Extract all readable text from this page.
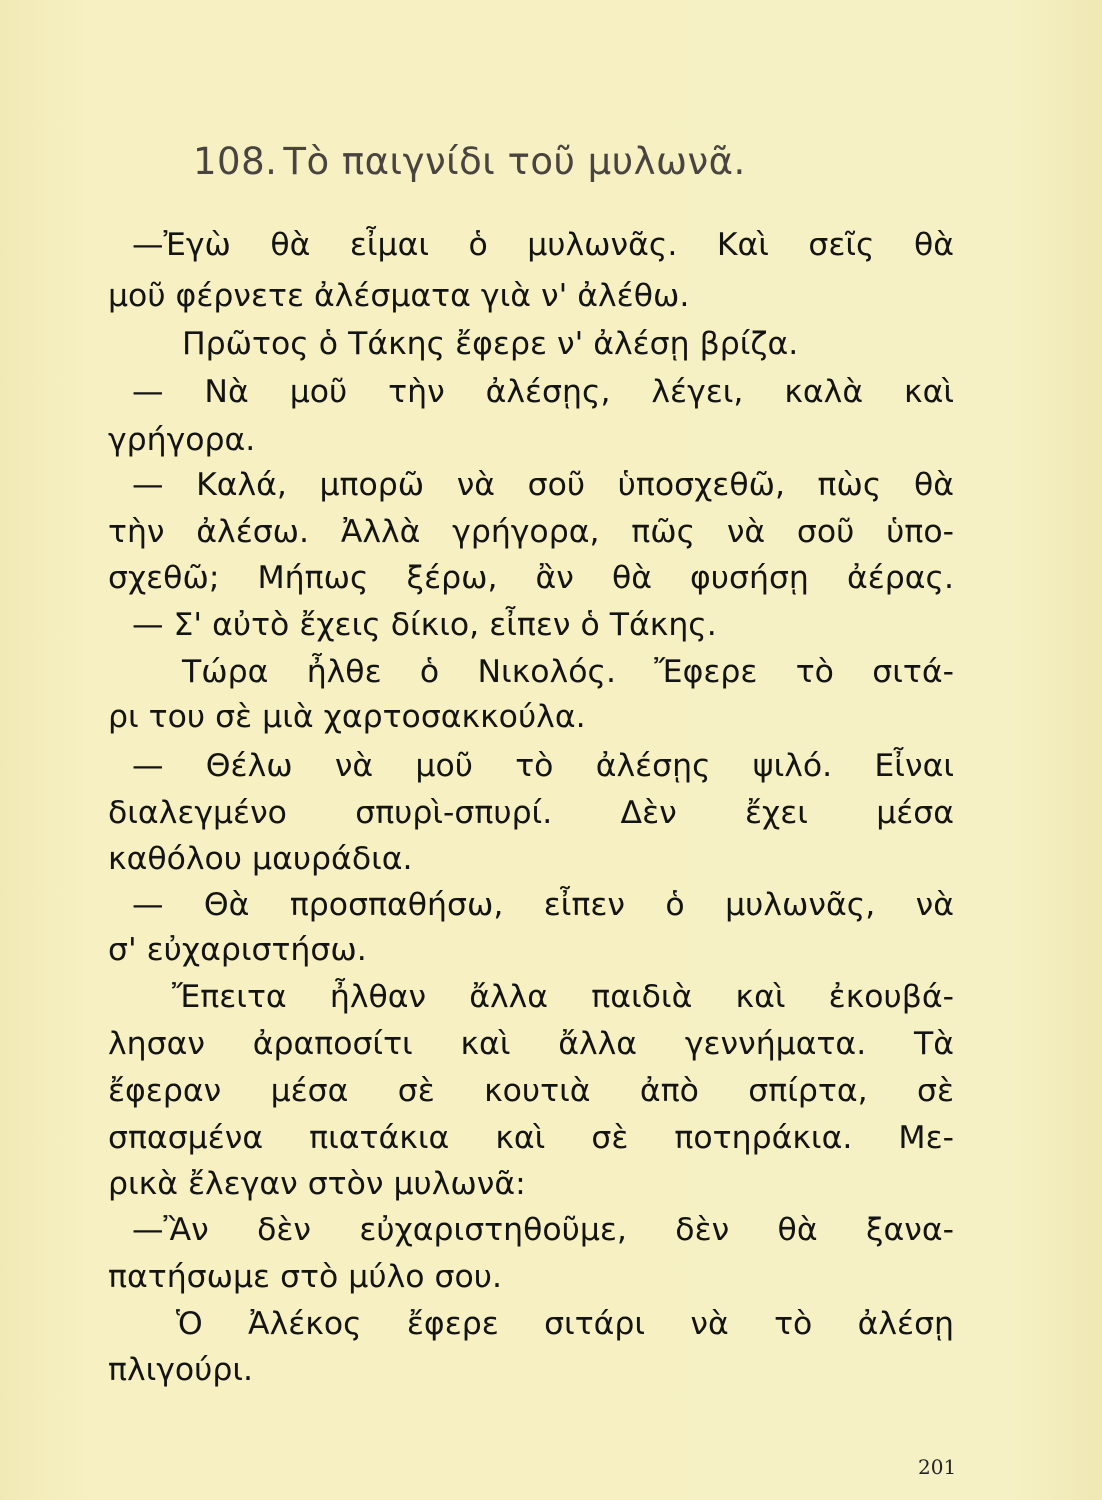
108. Τὸ παιγνίδι τοῦ μυλωνᾶ.
—Ἐγὼ θὰ εἶμαι ὁ μυλωνᾶς. Καὶ σεῖς θὰ
μοῦ φέρνετε ἀλέσματα γιὰ ν' ἀλέθω.
Πρῶτος ὁ Τάκης ἔφερε ν' ἀλέσῃ βρίζα.
— Νὰ μοῦ τὴν ἀλέσῃς, λέγει, καλὰ καὶ
γρήγορα.
— Καλά, μπορῶ νὰ σοῦ ὑποσχεθῶ, πὼς θὰ
τὴν ἀλέσω. Ἀλλὰ γρήγορα, πῶς νὰ σοῦ ὑπο-
σχεθῶ; Μήπως ξέρω, ἂν θὰ φυσήσῃ ἀέρας.
— Σ' αὐτὸ ἔχεις δίκιο, εἶπεν ὁ Τάκης.
Τώρα ἦλθε ὁ Νικολός. Ἔφερε τὸ σιτά-
ρι του σὲ μιὰ χαρτοσακκούλα.
— Θέλω νὰ μοῦ τὸ ἀλέσῃς ψιλό. Εἶναι
διαλεγμένο σπυρὶ-σπυρί. Δὲν ἔχει μέσα
καθόλου μαυράδια.
— Θὰ προσπαθήσω, εἶπεν ὁ μυλωνᾶς, νὰ
σ' εὐχαριστήσω.
Ἔπειτα ἦλθαν ἄλλα παιδιὰ καὶ ἐκουβά-
λησαν ἀραποσίτι καὶ ἄλλα γεννήματα. Τὰ
ἔφεραν μέσα σὲ κουτιὰ ἀπὸ σπίρτα, σὲ
σπασμένα πιατάκια καὶ σὲ ποτηράκια. Με-
ρικὰ ἔλεγαν στὸν μυλωνᾶ:
—Ἂν δὲν εὐχαριστηθοῦμε, δὲν θὰ ξανα-
πατήσωμε στὸ μύλο σου.
Ὁ Ἀλέκος ἔφερε σιτάρι νὰ τὸ ἀλέσῃ
πλιγούρι.
201
